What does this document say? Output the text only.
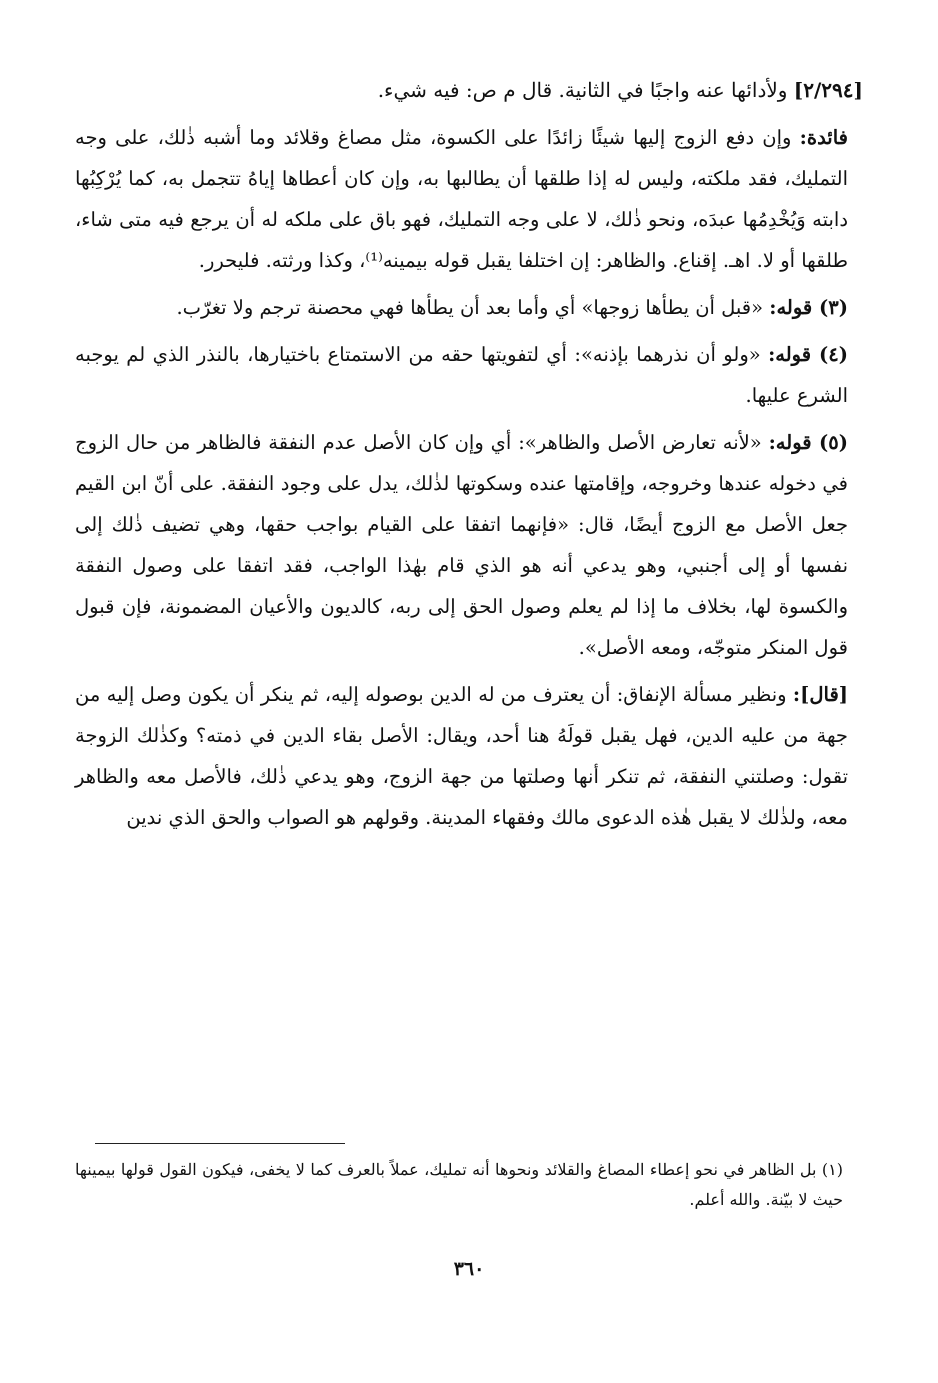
[٢/٢٩٤] ولأدائها عنه واجبًا في الثانية. قال م ص: فيه شيء.

فائدة: وإن دفع الزوج إليها شيئًا زائدًا على الكسوة، مثل مصاغ وقلائد وما أشبه ذٰلك، على وجه التمليك، فقد ملكته، وليس له إذا طلقها أن يطالبها به، وإن كان أعطاها إياهُ تتجمل به، كما يُرْكِبُها دابته وَيُخْدِمُها عبدَه، ونحو ذٰلك، لا على وجه التمليك، فهو باق على ملكه له أن يرجع فيه متى شاء، طلقها أو لا. اهـ. إقناع. والظاهر: إن اختلفا يقبل قوله بيمينه⁽¹⁾، وكذا ورثته. فليحرر.

(٣) قوله: «قبل أن يطأها زوجها» أي وأما بعد أن يطأها فهي محصنة ترجم ولا تغرّب.

(٤) قوله: «ولو أن نذرهما بإذنه»: أي لتفويتها حقه من الاستمتاع باختيارها، بالنذر الذي لم يوجبه الشرع عليها.

(٥) قوله: «لأنه تعارض الأصل والظاهر»: أي وإن كان الأصل عدم النفقة فالظاهر من حال الزوج في دخوله عندها وخروجه، وإقامتها عنده وسكوتها لذٰلك، يدل على وجود النفقة. على أنّ ابن القيم جعل الأصل مع الزوج أيضًا، قال: «فإنهما اتفقا على القيام بواجب حقها، وهي تضيف ذٰلك إلى نفسها أو إلى أجنبي، وهو يدعي أنه هو الذي قام بهٰذا الواجب، فقد اتفقا على وصول النفقة والكسوة لها، بخلاف ما إذا لم يعلم وصول الحق إلى ربه، كالديون والأعيان المضمونة، فإن قبول قول المنكر متوجّه، ومعه الأصل».

[قال]: ونظير مسألة الإنفاق: أن يعترف من له الدين بوصوله إليه، ثم ينكر أن يكون وصل إليه من جهة من عليه الدين، فهل يقبل قولَهُ هنا أحد، ويقال: الأصل بقاء الدين في ذمته؟ وكذٰلك الزوجة تقول: وصلتني النفقة، ثم تنكر أنها وصلتها من جهة الزوج، وهو يدعي ذٰلك، فالأصل معه والظاهر معه، ولذٰلك لا يقبل هٰذه الدعوى مالك وفقهاء المدينة. وقولهم هو الصواب والحق الذي ندين

(١) بل الظاهر في نحو إعطاء المصاغ والقلائد ونحوها أنه تمليك، عملاً بالعرف كما لا يخفى، فيكون القول قولها بيمينها حيث لا بيّنة. والله أعلم.

٣٦٠
